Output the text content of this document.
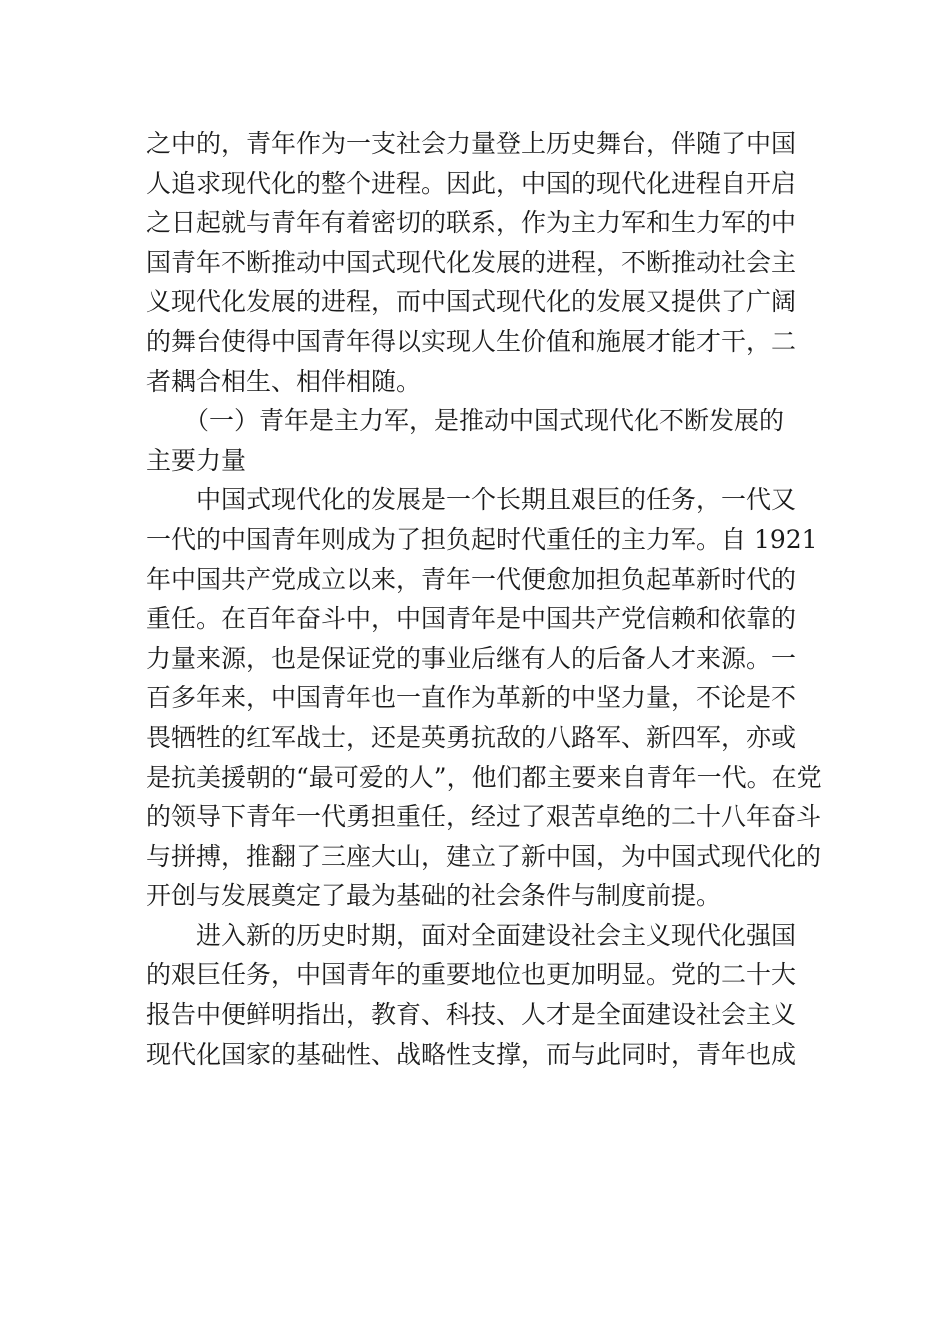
之中的，青年作为一支社会力量登上历史舞台，伴随了中国
人追求现代化的整个进程。因此，中国的现代化进程自开启
之日起就与青年有着密切的联系，作为主力军和生力军的中
国青年不断推动中国式现代化发展的进程，不断推动社会主
义现代化发展的进程，而中国式现代化的发展又提供了广阔
的舞台使得中国青年得以实现人生价值和施展才能才干，二
者耦合相生、相伴相随。
（一）青年是主力军，是推动中国式现代化不断发展的
主要力量
中国式现代化的发展是一个长期且艰巨的任务，一代又
一代的中国青年则成为了担负起时代重任的主力军。自 1921
年中国共产党成立以来，青年一代便愈加担负起革新时代的
重任。在百年奋斗中，中国青年是中国共产党信赖和依靠的
力量来源，也是保证党的事业后继有人的后备人才来源。一
百多年来，中国青年也一直作为革新的中坚力量，不论是不
畏牺牲的红军战士，还是英勇抗敌的八路军、新四军，亦或
是抗美援朝的“最可爱的人”，他们都主要来自青年一代。在党
的领导下青年一代勇担重任，经过了艰苦卓绝的二十八年奋斗
与拼搏，推翻了三座大山，建立了新中国，为中国式现代化的
开创与发展奠定了最为基础的社会条件与制度前提。
进入新的历史时期，面对全面建设社会主义现代化强国
的艰巨任务，中国青年的重要地位也更加明显。党的二十大
报告中便鲜明指出，教育、科技、人才是全面建设社会主义
现代化国家的基础性、战略性支撑，而与此同时，青年也成
